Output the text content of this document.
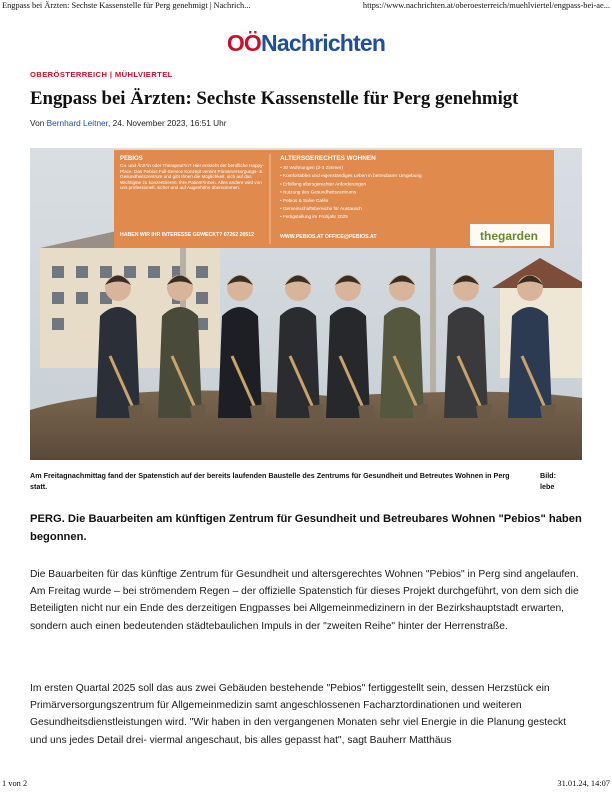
Engpass bei Ärzten: Sechste Kassenstelle für Perg genehmigt | Nachrich...	https://www.nachrichten.at/oberoesterreich/muehlviertel/engpass-bei-ae...
OÖNachrichten
OBERÖSTERREICH | MÜHLVIERTEL
Engpass bei Ärzten: Sechste Kassenstelle für Perg genehmigt
Von Bernhard Leitner, 24. November 2023, 16:51 Uhr
PEBIOS
Ca. und Ärzt*in oder Therapeut*in? Hier entsteht der berufliche Happy-Place. Das Pebios Full-Service Konzept vereint Primärversorgungs- & Gesundheitszentrum und gibt Ihnen die Möglichkeit, sich auf das Wichtigste zu konzentrieren: Ihre Patient*innen. Alles andere wird von uns professionell, sicher und auf Augenhöhe übernommen.
HABEN WIR IHR INTERESSE GEWECKT? 07262 20512
ALTERSGERECHTES WOHNEN
• 30 Wohnungen (2-3 Zimmer)
• Komfortables und eigenständiges Leben in betreubarer Umgebung
• Erfüllung altersgerechter Anforderungen
• Nutzung des Gesundheitszentrums
• Pebios & Salve Cafés
• Gemeinschaftsbereiche für Austausch
• Fertigstellung im Frühjahr 2025
WWW.PEBIOS.AT OFFICE@PEBIOS.AT	thegarden
Am Freitagnachmittag fand der Spatenstich auf der bereits laufenden Baustelle des Zentrums für Gesundheit und Betreutes Wohnen in Perg statt.
Bild:
lebe
PERG. Die Bauarbeiten am künftigen Zentrum für Gesundheit und Betreubares Wohnen "Pebios" haben begonnen.
Die Bauarbeiten für das künftige Zentrum für Gesundheit und altersgerechtes Wohnen "Pebios" in Perg sind angelaufen. Am Freitag wurde – bei strömendem Regen – der offizielle Spatenstich für dieses Projekt durchgeführt, von dem sich die Beteiligten nicht nur ein Ende des derzeitigen Engpasses bei Allgemeinmedizinern in der Bezirkshauptstadt erwarten, sondern auch einen bedeutenden städtebaulichen Impuls in der "zweiten Reihe" hinter der Herrenstraße.
Im ersten Quartal 2025 soll das aus zwei Gebäuden bestehende "Pebios" fertiggestellt sein, dessen Herzstück ein Primärversorgungszentrum für Allgemeinmedizin samt angeschlossenen Facharztordinationen und weiteren Gesundheitsdienstleistungen wird. "Wir haben in den vergangenen Monaten sehr viel Energie in die Planung gesteckt und uns jedes Detail drei- viermal angeschaut, bis alles gepasst hat", sagt Bauherr Matthäus
1 von 2	31.01.24, 14:07
